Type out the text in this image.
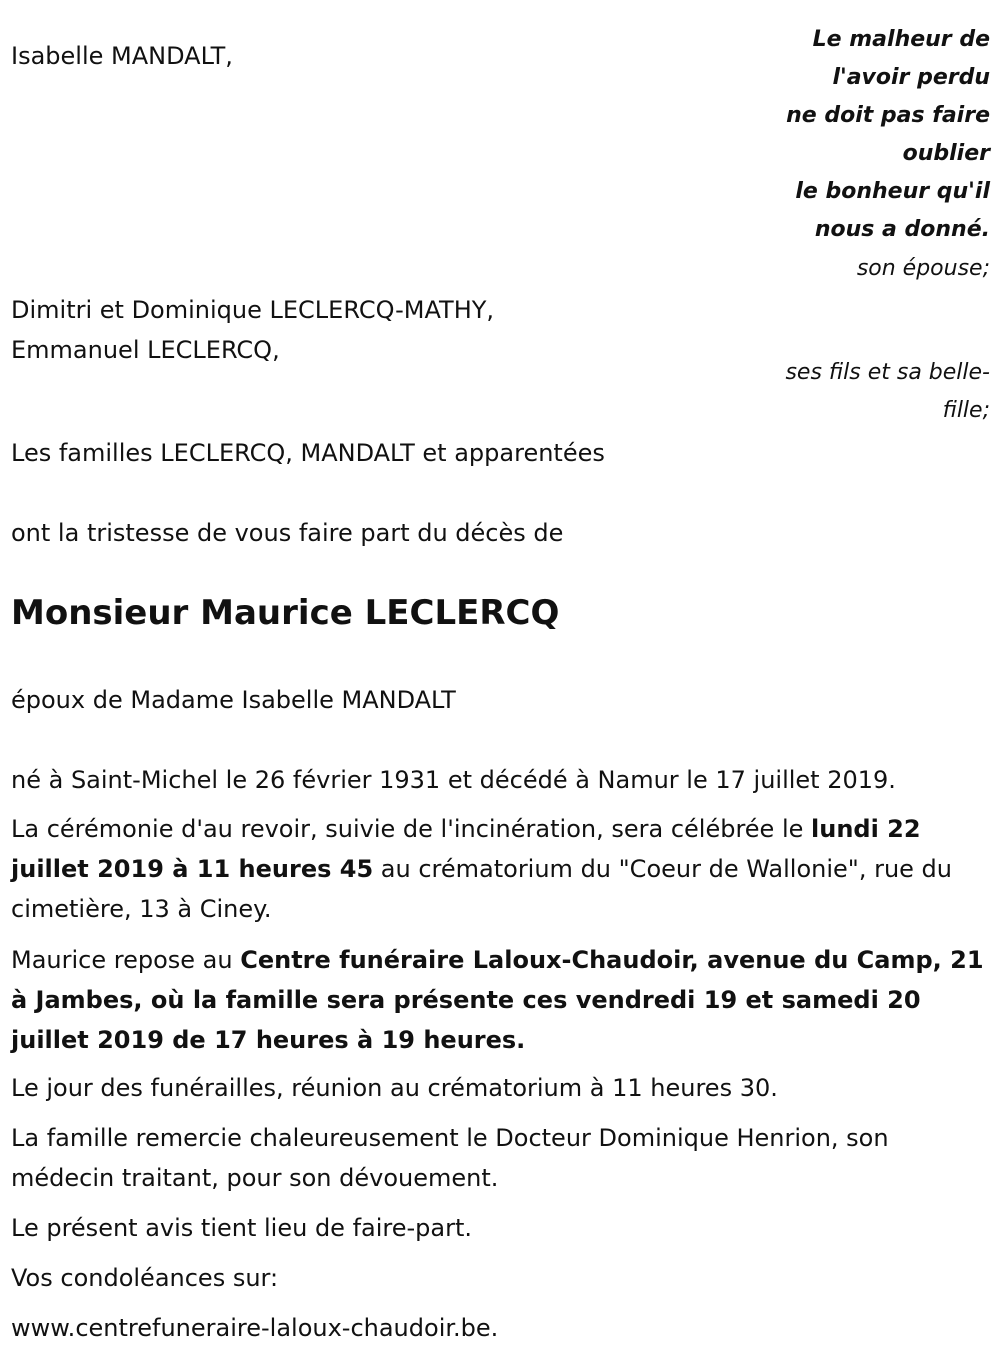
Isabelle MANDALT,
Le malheur de
l'avoir perdu
ne doit pas faire
oublier
le bonheur qu'il
nous a donné.
son épouse;
Dimitri et Dominique LECLERCQ-MATHY,
Emmanuel LECLERCQ,
ses fils et sa belle-
fille;
Les familles LECLERCQ, MANDALT et apparentées
ont la tristesse de vous faire part du décès de
Monsieur Maurice LECLERCQ
époux de Madame Isabelle MANDALT
né à Saint-Michel le 26 février 1931 et décédé à Namur le 17 juillet 2019.
La cérémonie d'au revoir, suivie de l'incinération, sera célébrée le lundi 22 juillet 2019 à 11 heures 45 au crématorium du "Coeur de Wallonie", rue du cimetière, 13 à Ciney.
Maurice repose au Centre funéraire Laloux-Chaudoir, avenue du Camp, 21 à Jambes, où la famille sera présente ces vendredi 19 et samedi 20 juillet 2019 de 17 heures à 19 heures.
Le jour des funérailles, réunion au crématorium à 11 heures 30.
La famille remercie chaleureusement le Docteur Dominique Henrion, son médecin traitant, pour son dévouement.
Le présent avis tient lieu de faire-part.
Vos condoléances sur:
www.centrefuneraire-laloux-chaudoir.be.
